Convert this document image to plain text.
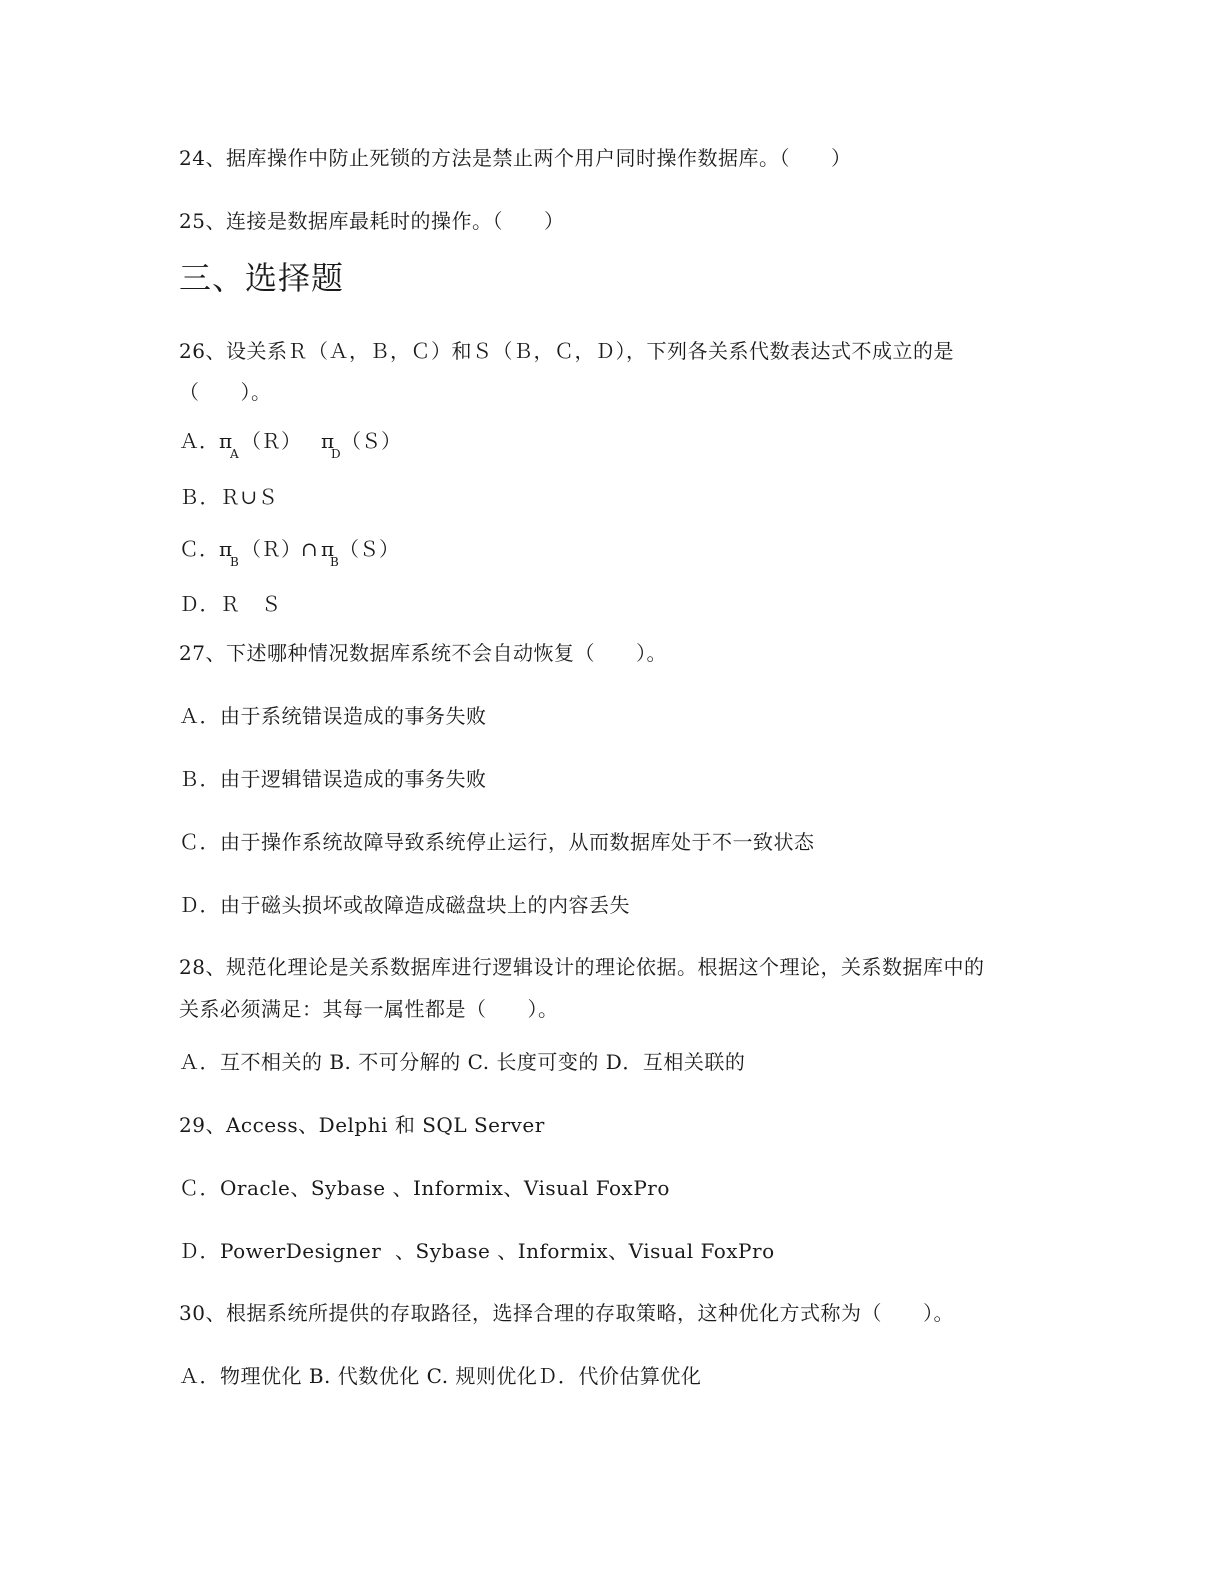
24、据库操作中防止死锁的方法是禁止两个用户同时操作数据库。（　　）
25、连接是数据库最耗时的操作。（　　）
三、选择题
26、设关系Ｒ（Ａ，Ｂ，Ｃ）和Ｓ（Ｂ，Ｃ，Ｄ），下列各关系代数表达式不成立的是
（　　）。
Ａ． π
A
（Ｒ） π
D
（Ｓ）
Ｂ．Ｒ∪Ｓ
Ｃ． π
B
（Ｒ）∩ π
B
（Ｓ）
Ｄ．Ｒ　Ｓ
27、下述哪种情况数据库系统不会自动恢复（　　）。
Ａ．由于系统错误造成的事务失败
Ｂ．由于逻辑错误造成的事务失败
Ｃ．由于操作系统故障导致系统停止运行，从而数据库处于不一致状态
Ｄ．由于磁头损坏或故障造成磁盘块上的内容丢失
28、规范化理论是关系数据库进行逻辑设计的理论依据。根据这个理论，关系数据库中的
关系必须满足：其每一属性都是（　　）。
Ａ．互不相关的 B. 不可分解的 C. 长度可变的 D．互相关联的
29、Access、Delphi 和 SQL Server
Ｃ．Oracle、Sybase 、Informix、Visual FoxPro
Ｄ．PowerDesigner  、Sybase 、Informix、Visual FoxPro
30、根据系统所提供的存取路径，选择合理的存取策略，这种优化方式称为（　　）。
Ａ．物理优化 B. 代数优化 C. 规则优化Ｄ．代价估算优化
